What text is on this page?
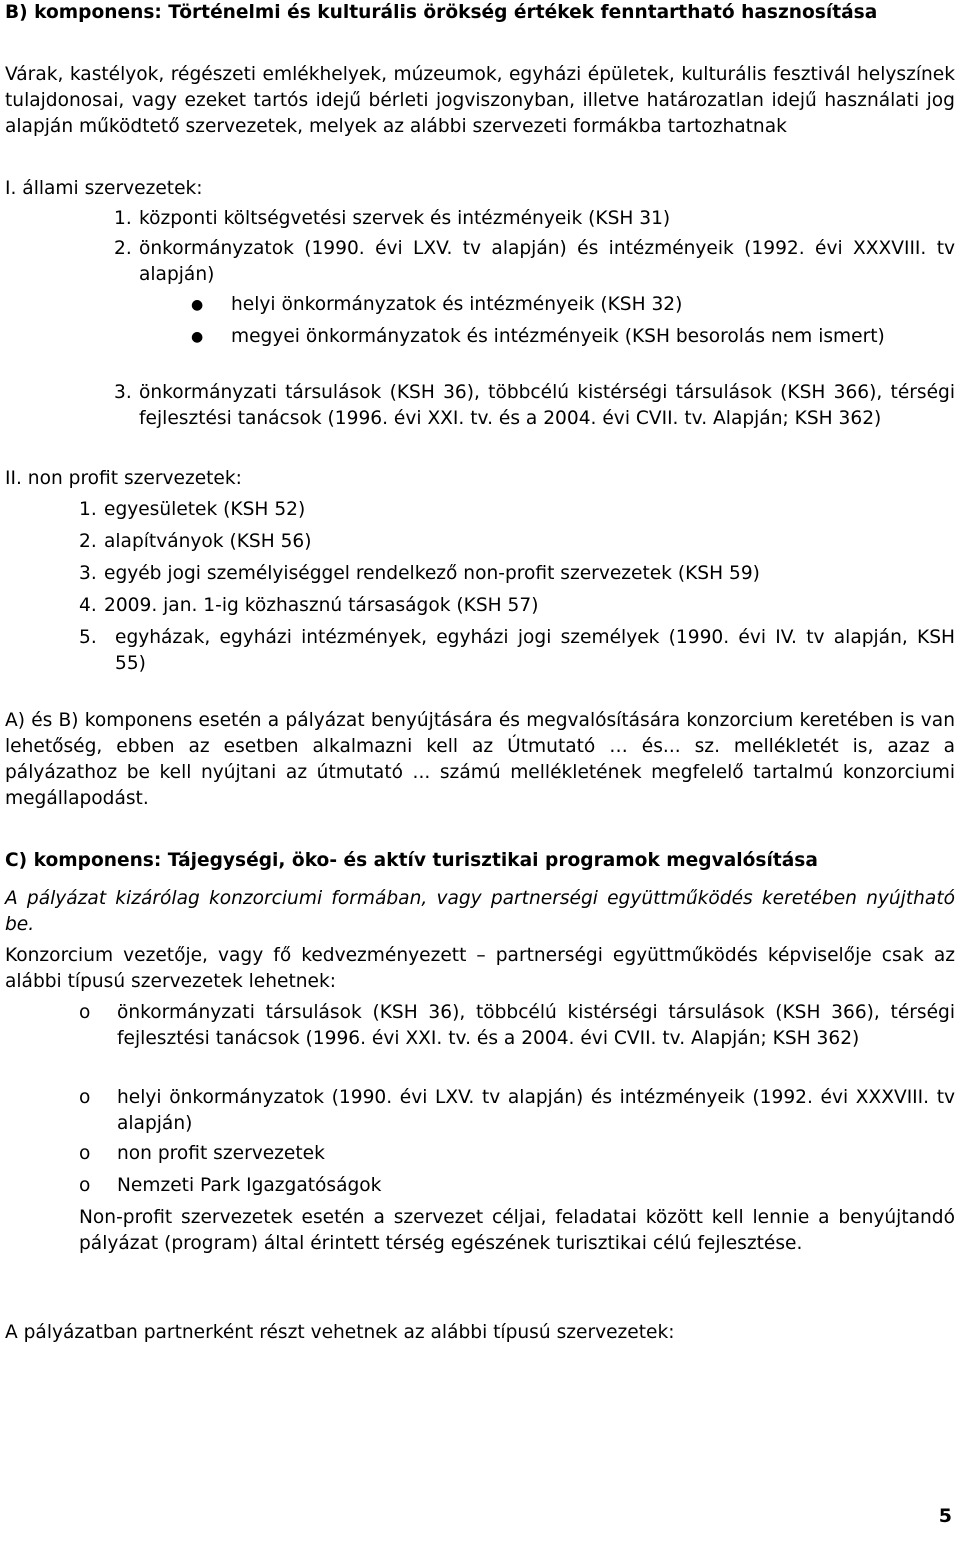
B) komponens: Történelmi és kulturális örökség értékek fenntartható hasznosítása

Várak, kastélyok, régészeti emlékhelyek, múzeumok, egyházi épületek, kulturális fesztivál helyszínek tulajdonosai, vagy ezeket tartós idejű bérleti jogviszonyban, illetve határozatlan idejű használati jog alapján működtető szervezetek, melyek az alábbi szervezeti formákba tartozhatnak

I. állami szervezetek:

1. központi költségvetési szervek és intézményeik (KSH 31)
2. önkormányzatok (1990. évi LXV. tv alapján) és intézményeik (1992. évi XXXVIII. tv alapján)
● helyi önkormányzatok és intézményeik (KSH 32)
● megyei önkormányzatok és intézményeik (KSH besorolás nem ismert)
3. önkormányzati társulások (KSH 36), többcélú kistérségi társulások (KSH 366), térségi fejlesztési tanácsok (1996. évi XXI. tv. és a 2004. évi CVII. tv. Alapján; KSH 362)

II. non profit szervezetek:

1. egyesületek (KSH 52)
2. alapítványok (KSH 56)
3. egyéb jogi személyiséggel rendelkező non-profit szervezetek (KSH 59)
4. 2009. jan. 1-ig közhasznú társaságok (KSH 57)
5. egyházak, egyházi intézmények, egyházi jogi személyek (1990. évi IV. tv alapján, KSH 55)

A) és B) komponens esetén a pályázat benyújtására és megvalósítására konzorcium keretében is van lehetőség, ebben az esetben alkalmazni kell az Útmutató … és... sz. mellékletét is, azaz a pályázathoz be kell nyújtani az útmutató ... számú mellékletének megfelelő tartalmú konzorciumi megállapodást.

C) komponens: Tájegységi, öko- és aktív turisztikai programok megvalósítása

A pályázat kizárólag konzorciumi formában, vagy partnerségi együttműködés keretében nyújtható be.

Konzorcium vezetője, vagy fő kedvezményezett – partnerségi együttműködés képviselője csak az alábbi típusú szervezetek lehetnek:

o önkormányzati társulások (KSH 36), többcélú kistérségi társulások (KSH 366), térségi fejlesztési tanácsok (1996. évi XXI. tv. és a 2004. évi CVII. tv. Alapján; KSH 362)
o helyi önkormányzatok (1990. évi LXV. tv alapján) és intézményeik (1992. évi XXXVIII. tv alapján)
o non profit szervezetek
o Nemzeti Park Igazgatóságok

Non-profit szervezetek esetén a szervezet céljai, feladatai között kell lennie a benyújtandó pályázat (program) által érintett térség egészének turisztikai célú fejlesztése.

A pályázatban partnerként részt vehetnek az alábbi típusú szervezetek:

5
